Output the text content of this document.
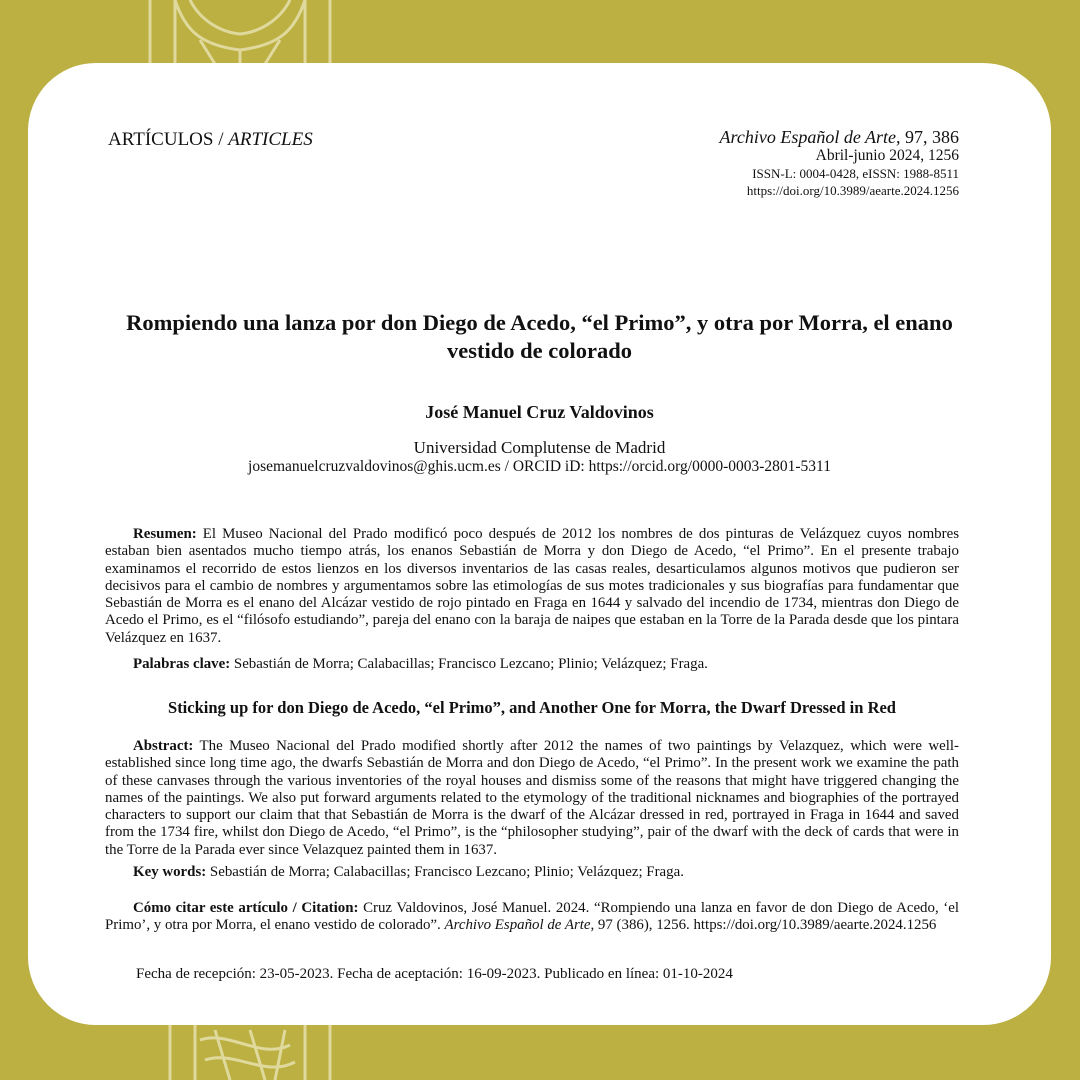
ARTÍCULOS / ARTICLES	Archivo Español de Arte, 97, 386
Abril-junio 2024, 1256
ISSN-L: 0004-0428, eISSN: 1988-8511
https://doi.org/10.3989/aearte.2024.1256
Rompiendo una lanza por don Diego de Acedo, “el Primo”, y otra por Morra, el enano vestido de colorado
José Manuel Cruz Valdovinos
Universidad Complutense de Madrid
josemanuelcruzvaldovinos@ghis.ucm.es / ORCID iD: https://orcid.org/0000-0003-2801-5311
Resumen: El Museo Nacional del Prado modificó poco después de 2012 los nombres de dos pinturas de Velázquez cuyos nombres estaban bien asentados mucho tiempo atrás, los enanos Sebastián de Morra y don Diego de Acedo, “el Primo”. En el presente trabajo examinamos el recorrido de estos lienzos en los diversos inventarios de las casas reales, desarticulamos algunos motivos que pudieron ser decisivos para el cambio de nombres y argumentamos sobre las etimologías de sus motes tradicionales y sus biografías para fundamentar que Sebastián de Morra es el enano del Alcázar vestido de rojo pintado en Fraga en 1644 y salvado del incendio de 1734, mientras don Diego de Acedo el Primo, es el “filósofo estudiando”, pareja del enano con la baraja de naipes que estaban en la Torre de la Parada desde que los pintara Velázquez en 1637.
Palabras clave: Sebastián de Morra; Calabacillas; Francisco Lezcano; Plinio; Velázquez; Fraga.
Sticking up for don Diego de Acedo, “el Primo”, and Another One for Morra, the Dwarf Dressed in Red
Abstract: The Museo Nacional del Prado modified shortly after 2012 the names of two paintings by Velazquez, which were well-established since long time ago, the dwarfs Sebastián de Morra and don Diego de Acedo, “el Primo”. In the present work we examine the path of these canvases through the various inventories of the royal houses and dismiss some of the reasons that might have triggered changing the names of the paintings. We also put forward arguments related to the etymology of the traditional nicknames and biographies of the portrayed characters to support our claim that that Sebastián de Morra is the dwarf of the Alcázar dressed in red, portrayed in Fraga in 1644 and saved from the 1734 fire, whilst don Diego de Acedo, “el Primo”, is the “philosopher studying”, pair of the dwarf with the deck of cards that were in the Torre de la Parada ever since Velazquez painted them in 1637.
Key words: Sebastián de Morra; Calabacillas; Francisco Lezcano; Plinio; Velázquez; Fraga.
Cómo citar este artículo / Citation: Cruz Valdovinos, José Manuel. 2024. “Rompiendo una lanza en favor de don Diego de Acedo, ‘el Primo’, y otra por Morra, el enano vestido de colorado”. Archivo Español de Arte, 97 (386), 1256. https://doi.org/10.3989/aearte.2024.1256
Fecha de recepción: 23-05-2023. Fecha de aceptación: 16-09-2023. Publicado en línea: 01-10-2024
